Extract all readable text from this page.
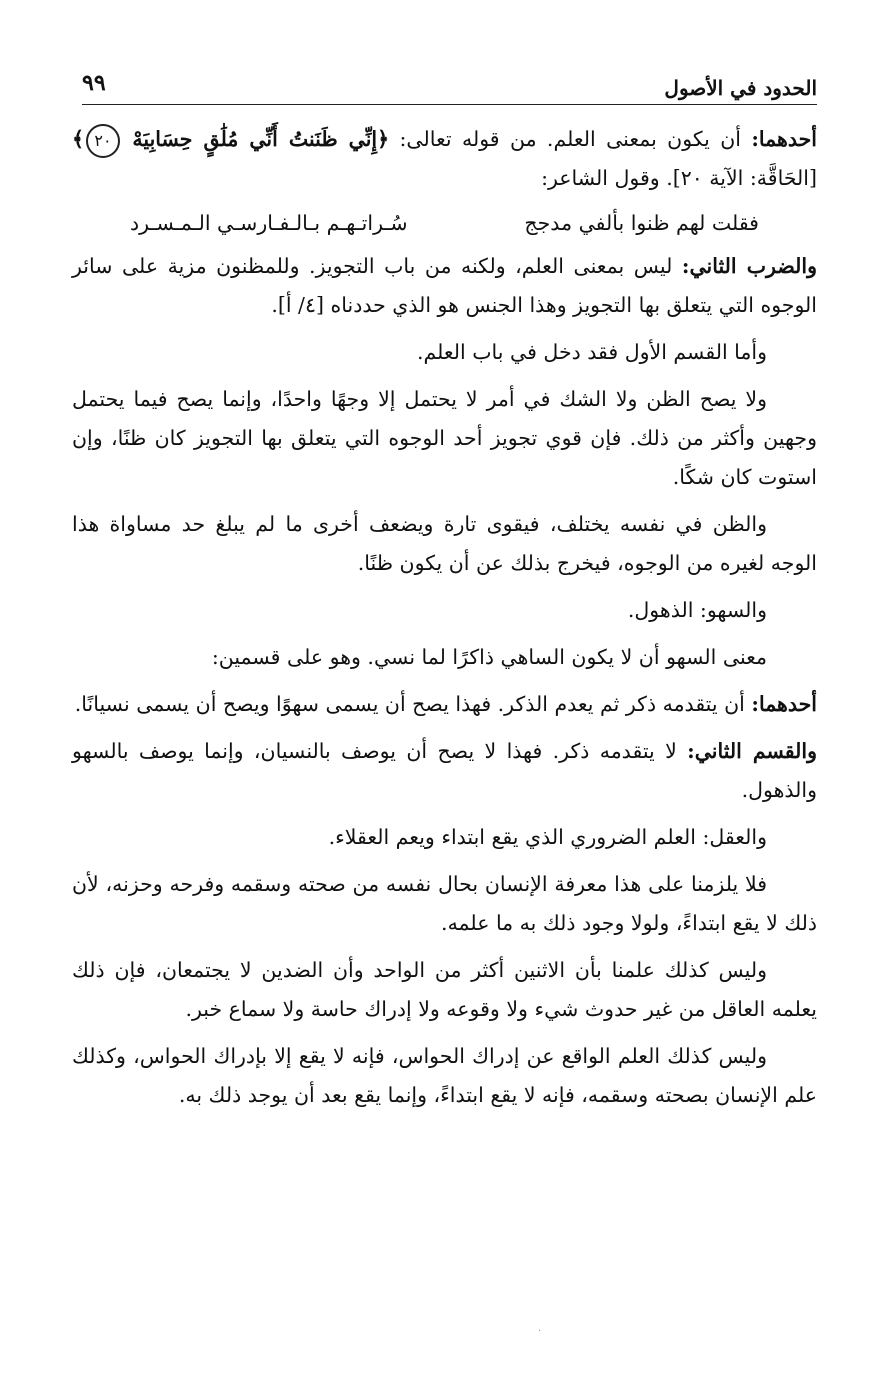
الحدود في الأصول
٩٩

أحدهما: أن يكون بمعنى العلم. من قوله تعالى: ﴿إِنِّي ظَنَنتُ أَنِّي مُلَٰقٍ حِسَابِيَهْ ٢٠﴾ [الحَاقَّة: الآية ٢٠]. وقول الشاعر:

فقلت لهم ظنوا بألفي مدجج
سُـراتـهـم بـالـفـارسـي الـمـسـرد

والضرب الثاني: ليس بمعنى العلم، ولكنه من باب التجويز. وللمظنون مزية على سائر الوجوه التي يتعلق بها التجويز وهذا الجنس هو الذي حددناه [٤/ أ].

وأما القسم الأول فقد دخل في باب العلم.

ولا يصح الظن ولا الشك في أمر لا يحتمل إلا وجهًا واحدًا، وإنما يصح فيما يحتمل وجهين وأكثر من ذلك. فإن قوي تجويز أحد الوجوه التي يتعلق بها التجويز كان ظنًا، وإن استوت كان شكًا.

والظن في نفسه يختلف، فيقوى تارة ويضعف أخرى ما لم يبلغ حد مساواة هذا الوجه لغيره من الوجوه، فيخرج بذلك عن أن يكون ظنًا.

والسهو: الذهول.

معنى السهو أن لا يكون الساهي ذاكرًا لما نسي. وهو على قسمين:

أحدهما: أن يتقدمه ذكر ثم يعدم الذكر. فهذا يصح أن يسمى سهوًا ويصح أن يسمى نسيانًا.

والقسم الثاني: لا يتقدمه ذكر. فهذا لا يصح أن يوصف بالنسيان، وإنما يوصف بالسهو والذهول.

والعقل: العلم الضروري الذي يقع ابتداء ويعم العقلاء.

فلا يلزمنا على هذا معرفة الإنسان بحال نفسه من صحته وسقمه وفرحه وحزنه، لأن ذلك لا يقع ابتداءً، ولولا وجود ذلك به ما علمه.

وليس كذلك علمنا بأن الاثنين أكثر من الواحد وأن الضدين لا يجتمعان، فإن ذلك يعلمه العاقل من غير حدوث شيء ولا وقوعه ولا إدراك حاسة ولا سماع خبر.

وليس كذلك العلم الواقع عن إدراك الحواس، فإنه لا يقع إلا بإدراك الحواس، وكذلك علم الإنسان بصحته وسقمه، فإنه لا يقع ابتداءً، وإنما يقع بعد أن يوجد ذلك به.

·
